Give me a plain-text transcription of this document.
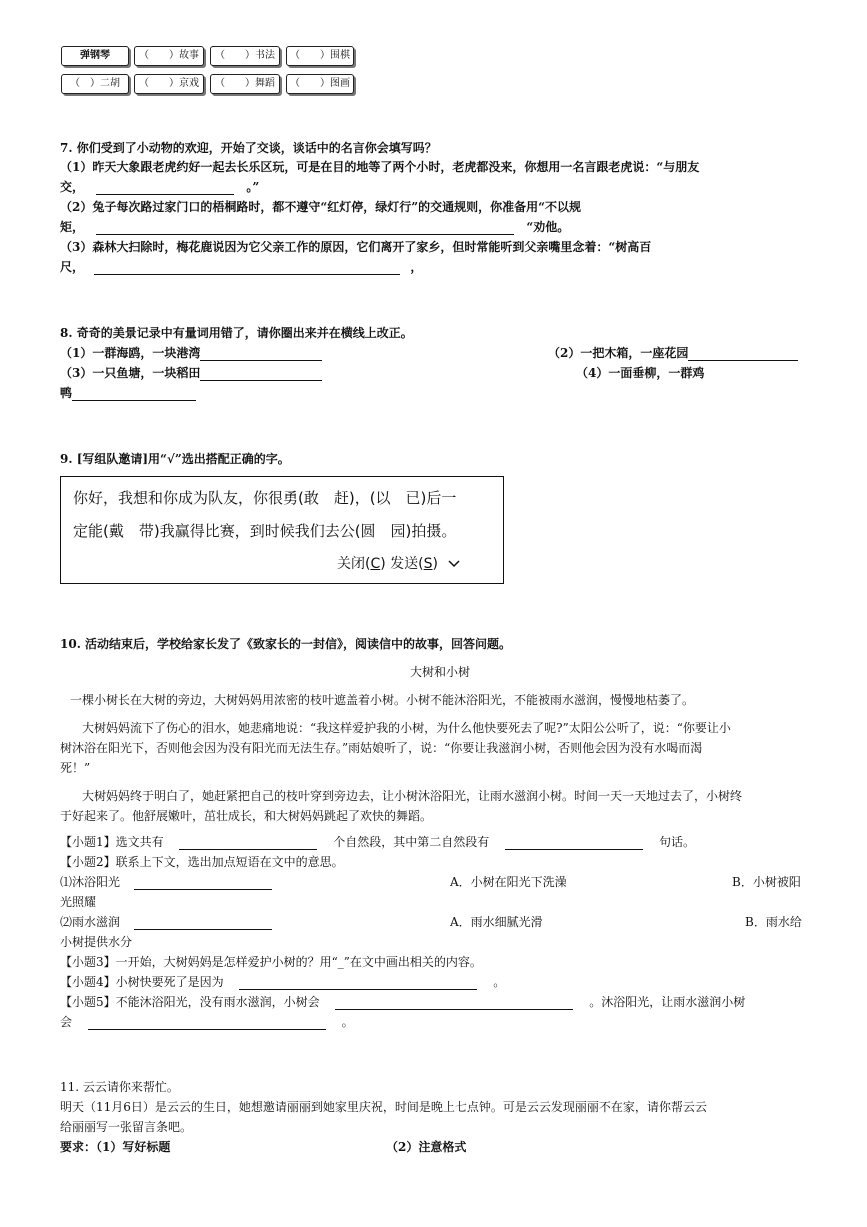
弹钢琴	（　　）故事	（　　）书法	（　　）围棋
（　）二胡	（　　）京戏	（　　）舞蹈	（　　）图画
7. 你们受到了小动物的欢迎，开始了交谈，谈话中的名言你会填写吗？
（1）昨天大象跟老虎约好一起去长乐区玩，可是在目的地等了两个小时，老虎都没来，你想用一名言跟老虎说：“与朋友
交，	。”
（2）兔子每次路过家门口的梧桐路时，都不遵守“红灯停，绿灯行”的交通规则，你准备用“不以规
矩，	“劝他。
（3）森林大扫除时，梅花鹿说因为它父亲工作的原因，它们离开了家乡，但时常能听到父亲嘴里念着：“树高百
尺，	，
8. 奇奇的美景记录中有量词用错了，请你圈出来并在横线上改正。
（1）一群海鸥，一块港湾	（2）一把木箱，一座花园
（3）一只鱼塘，一块稻田	（4）一面垂柳，一群鸡
鸭
9. [写组队邀请]用“√”选出搭配正确的字。
你好，我想和你成为队友，你很勇(敢　赶)，(以　已)后一
定能(戴　带)我赢得比赛，到时候我们去公(圆　园)拍摄。
关闭(C) 发送(S)
10. 活动结束后，学校给家长发了《致家长的一封信》，阅读信中的故事，回答问题。
大树和小树
一棵小树长在大树的旁边，大树妈妈用浓密的枝叶遮盖着小树。小树不能沐浴阳光，不能被雨水滋润，慢慢地枯萎了。
大树妈妈流下了伤心的泪水，她悲痛地说：“我这样爱护我的小树，为什么他快要死去了呢?”太阳公公听了，说：“你要让小
树沐浴在阳光下，否则他会因为没有阳光而无法生存。”雨姑娘听了，说：“你要让我滋润小树，否则他会因为没有水喝而渴
死！”
大树妈妈终于明白了，她赶紧把自己的枝叶穿到旁边去，让小树沐浴阳光，让雨水滋润小树。时间一天一天地过去了，小树终
于好起来了。他舒展嫩叶，茁壮成长，和大树妈妈跳起了欢快的舞蹈。
【小题1】选文共有	个自然段，其中第二自然段有	句话。
【小题2】联系上下文，选出加点短语在文中的意思。
⑴沐浴阳光	A．小树在阳光下洗澡	B．小树被阳
光照耀
⑵雨水滋润	A．雨水细腻光滑	B．雨水给
小树提供水分
【小题3】一开始，大树妈妈是怎样爱护小树的？用“_”在文中画出相关的内容。
【小题4】小树快要死了是因为	。
【小题5】不能沐浴阳光，没有雨水滋润，小树会	。沐浴阳光，让雨水滋润小树
会	。
11. 云云请你来帮忙。
明天（11月6日）是云云的生日，她想邀请丽丽到她家里庆祝，时间是晚上七点钟。可是云云发现丽丽不在家，请你帮云云
给丽丽写一张留言条吧。
要求：（1）写好标题	（2）注意格式
